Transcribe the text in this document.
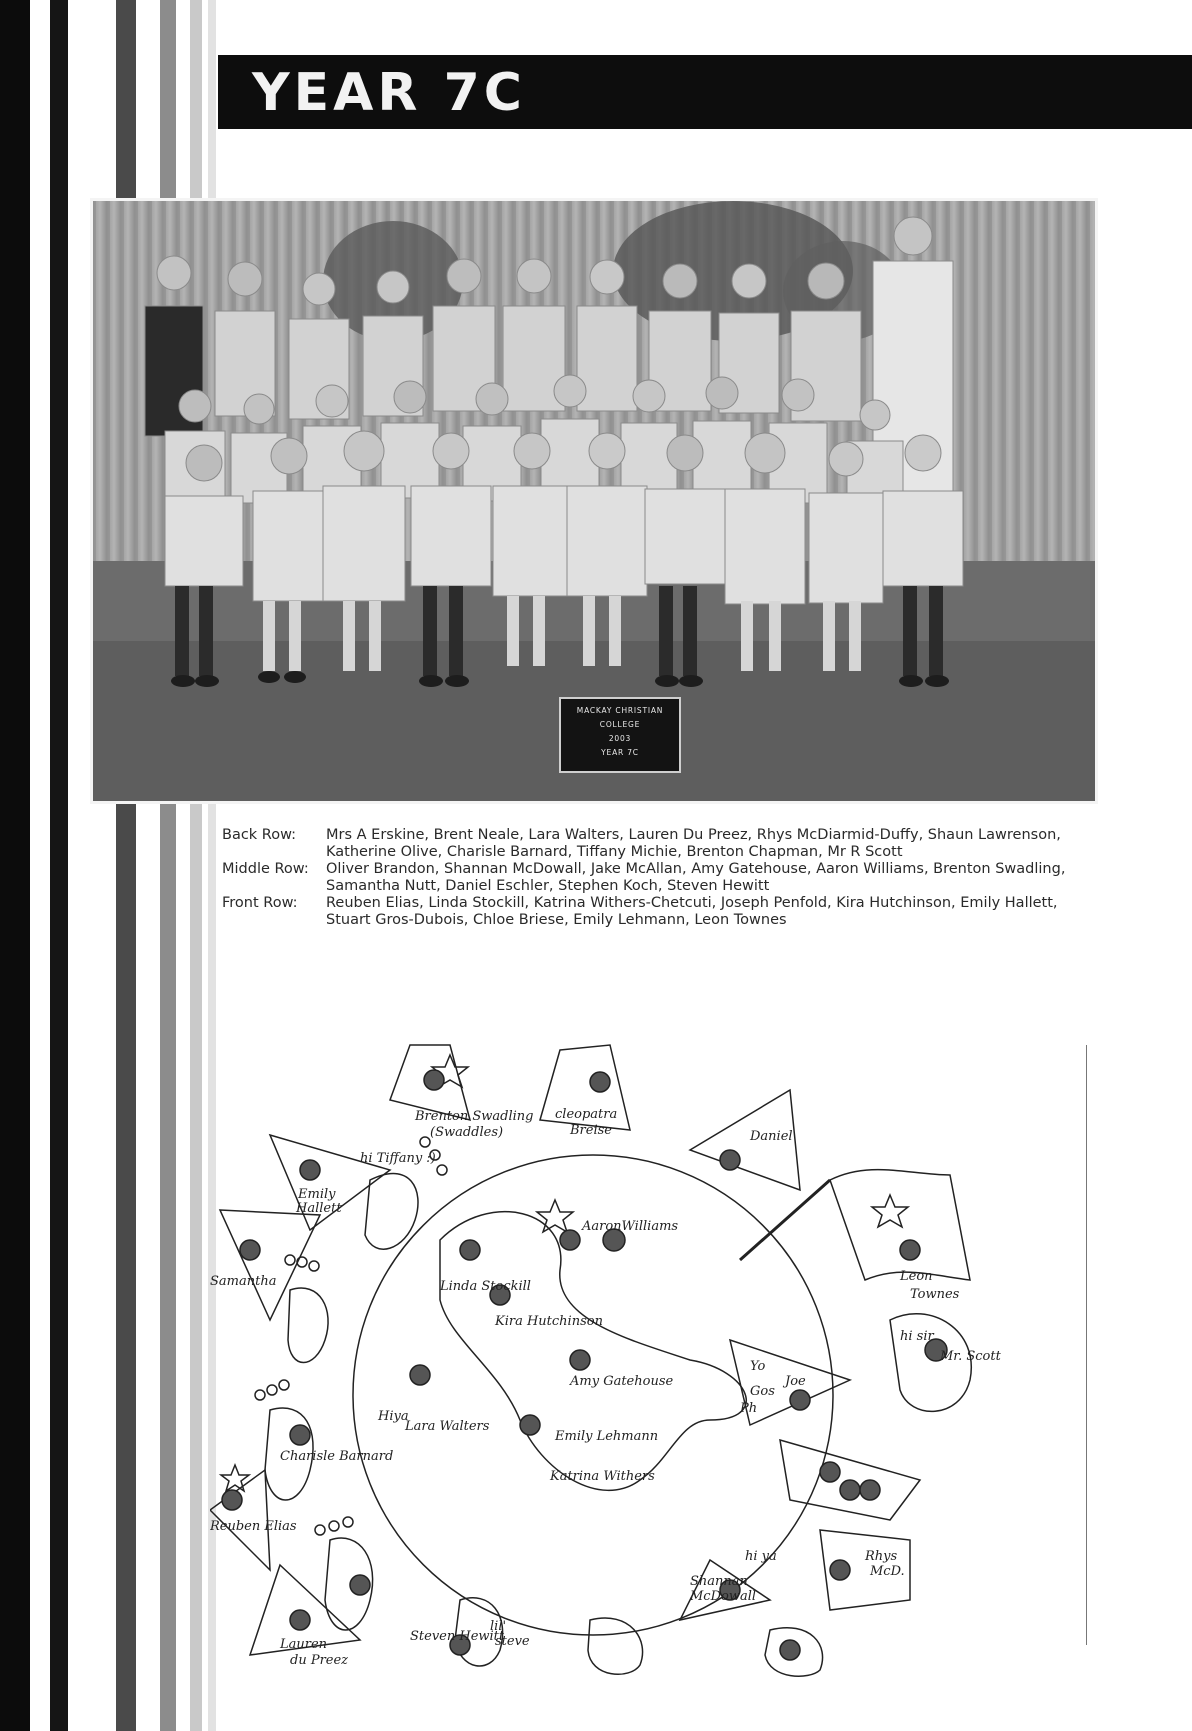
YEAR 7C
MACKAY CHRISTIAN
COLLEGE
2003
YEAR 7C
Back Row:	Mrs A Erskine, Brent Neale, Lara Walters, Lauren Du Preez, Rhys McDiarmid-Duffy, Shaun Lawrenson, Katherine Olive, Charisle Barnard, Tiffany Michie, Brenton Chapman, Mr R Scott
Middle Row:	Oliver Brandon, Shannan McDowall, Jake McAllan, Amy Gatehouse, Aaron Williams, Brenton Swadling, Samantha Nutt, Daniel Eschler, Stephen Koch, Steven Hewitt
Front Row:	Reuben Elias, Linda Stockill, Katrina Withers-Chetcuti, Joseph Penfold, Kira Hutchinson, Emily Hallett, Stuart Gros-Dubois, Chloe Briese, Emily Lehmann, Leon Townes
Brenton Swadling
(Swaddles)
cleopatra
Breise	Daniel
Emily
Hallett
hi Tiffany :)
AaronWilliams
Leon
Townes
Linda Stockill
Kira Hutchinson
Amy Gatehouse
Emily Lehmann
Lara Walters
Hiya
Katrina Withers
Reuben Elias
Charisle Barnard
Joe
Yo
Gos
Ph
hi sir
Mr. Scott
Shannan
McDowall
hi ya
Lauren
du Preez
Steven Hewitt
lil'
steve
Rhys
McD.
Samantha
